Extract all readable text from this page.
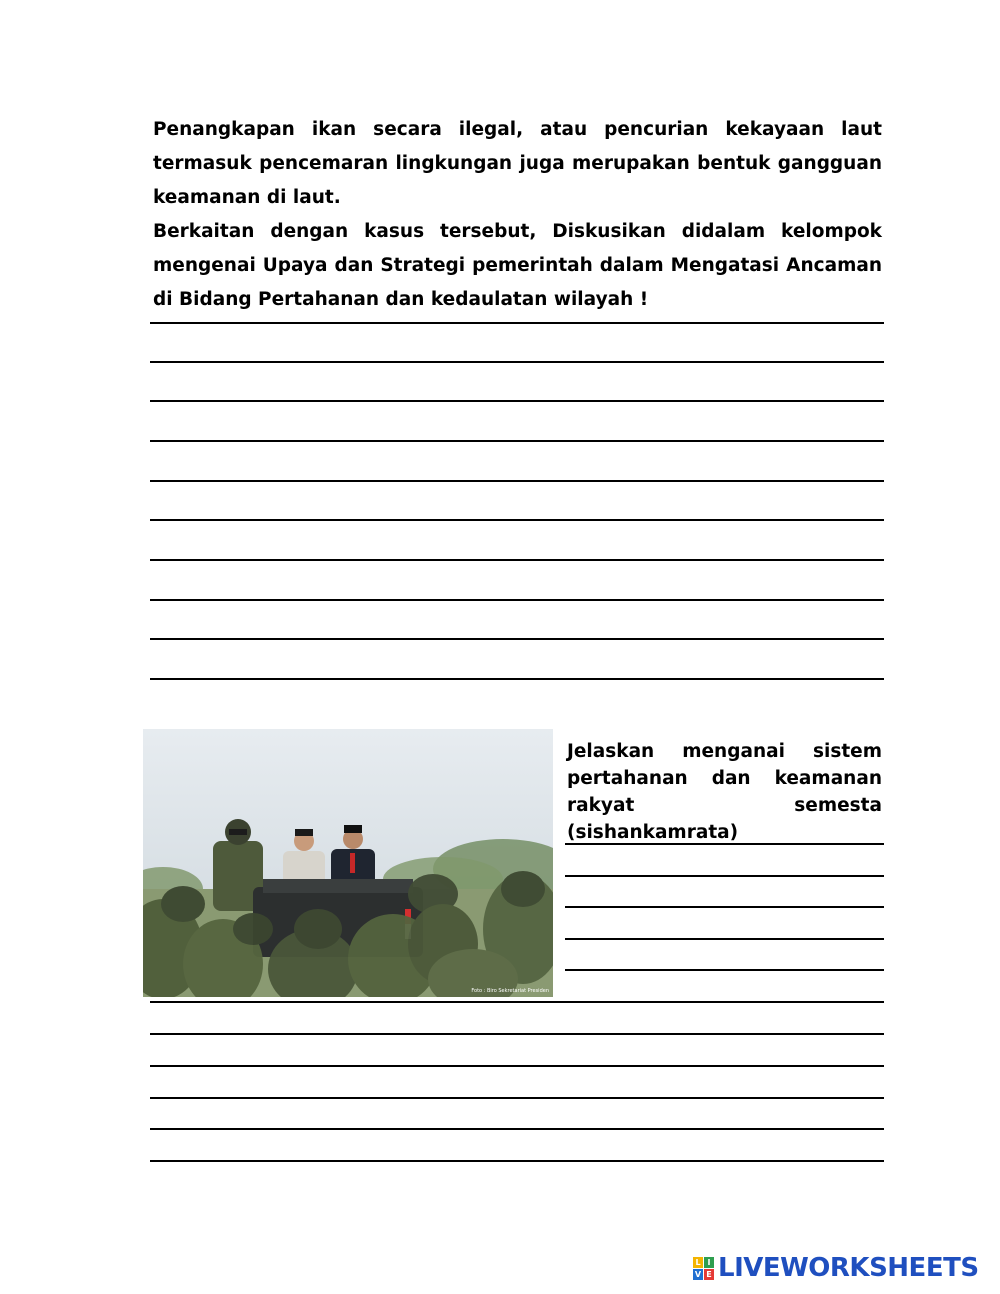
Penangkapan ikan secara ilegal, atau pencurian kekayaan laut termasuk pencemaran lingkungan juga merupakan bentuk gangguan keamanan di laut.

Berkaitan dengan kasus tersebut, Diskusikan didalam kelompok mengenai Upaya dan Strategi pemerintah dalam Mengatasi Ancaman di Bidang Pertahanan dan kedaulatan wilayah !

Foto : Biro Sekretariat Presiden

Jelaskan menganai sistem pertahanan dan keamanan rakyat semesta (sishankamrata)

L I
V E LIVEWORKSHEETS
